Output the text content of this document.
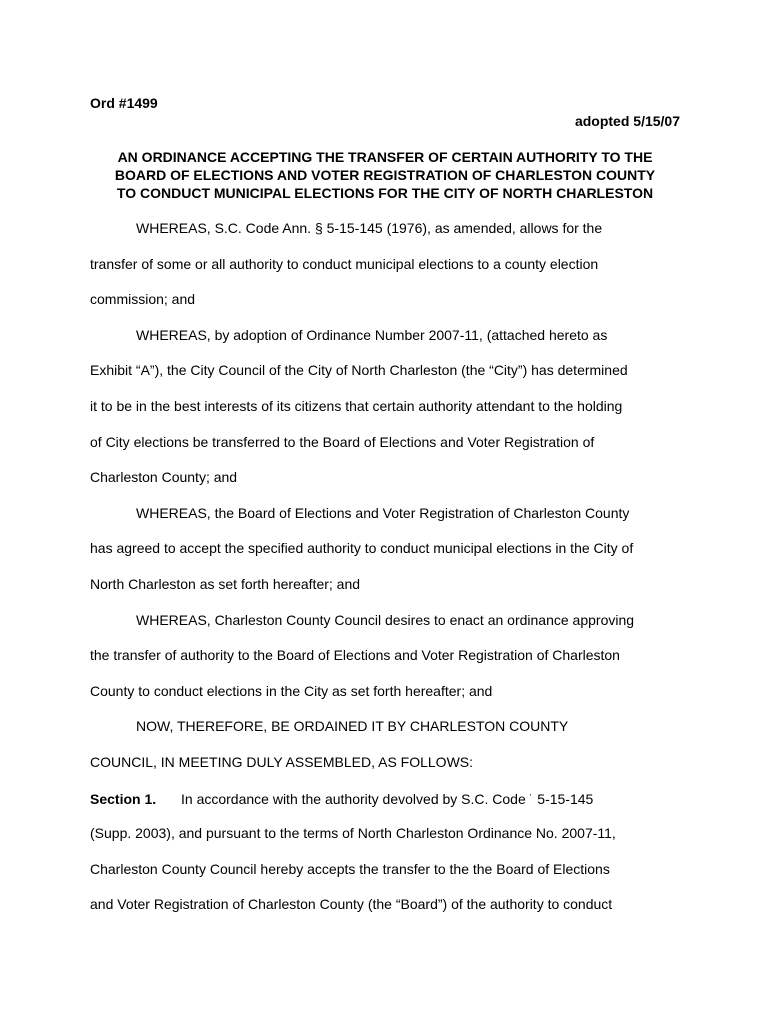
Ord #1499
adopted 5/15/07
AN ORDINANCE ACCEPTING THE TRANSFER OF CERTAIN AUTHORITY TO THE
BOARD OF ELECTIONS AND VOTER REGISTRATION OF CHARLESTON COUNTY
TO CONDUCT MUNICIPAL ELECTIONS FOR THE CITY OF NORTH CHARLESTON
WHEREAS, S.C. Code Ann. § 5-15-145 (1976), as amended, allows for the
transfer of some or all authority to conduct municipal elections to a county election
commission; and
WHEREAS, by adoption of Ordinance Number 2007-11, (attached hereto as
Exhibit “A”), the City Council of the City of North Charleston (the “City”) has determined
it to be in the best interests of its citizens that certain authority attendant to the holding
of City elections be transferred to the Board of Elections and Voter Registration of
Charleston County; and
WHEREAS, the Board of Elections and Voter Registration of Charleston County
has agreed to accept the specified authority to conduct municipal elections in the City of
North Charleston as set forth hereafter; and
WHEREAS, Charleston County Council desires to enact an ordinance approving
the transfer of authority to the Board of Elections and Voter Registration of Charleston
County to conduct elections in the City as set forth hereafter; and
NOW, THEREFORE, BE ORDAINED IT BY CHARLESTON COUNTY
COUNCIL, IN MEETING DULY ASSEMBLED, AS FOLLOWS:
Section 1. In accordance with the authority devolved by S.C. Code ' 5-15-145
(Supp. 2003), and pursuant to the terms of North Charleston Ordinance No. 2007-11,
Charleston County Council hereby accepts the transfer to the the Board of Elections
and Voter Registration of Charleston County (the “Board”) of the authority to conduct
